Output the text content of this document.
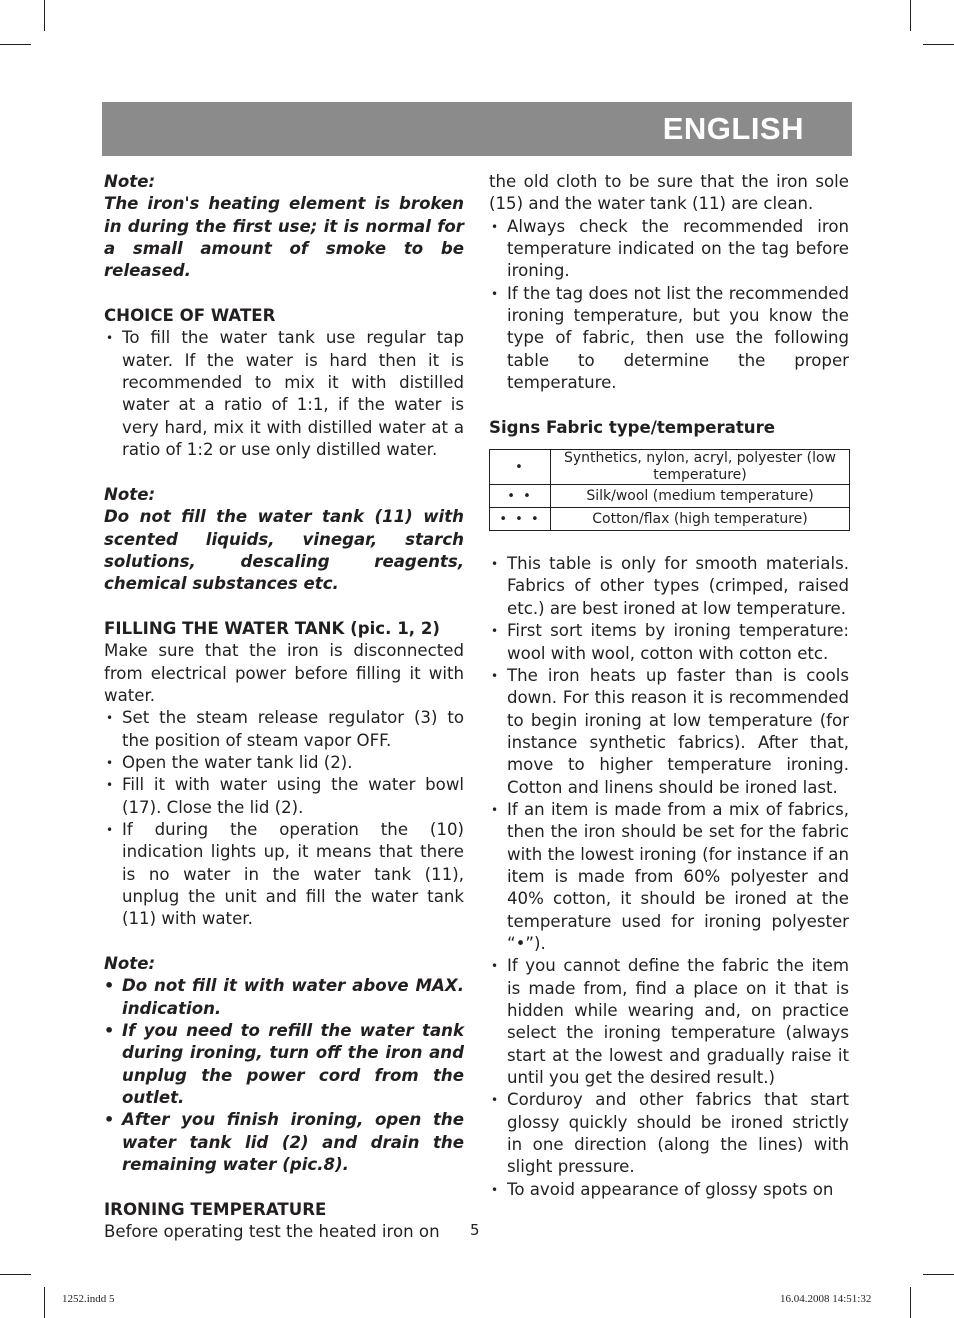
ENGLISH

Note:

The iron's heating element is broken in during the first use; it is normal for a small amount of smoke to be released.

CHOICE OF WATER

• To fill the water tank use regular tap water. If the water is hard then it is recommended to mix it with distilled water at a ratio of 1:1, if the water is very hard, mix it with distilled water at a ratio of 1:2 or use only distilled water.

Note:

Do not fill the water tank (11) with scented liquids, vinegar, starch solutions, descaling reagents, chemical substances etc.

FILLING THE WATER TANK (pic. 1, 2)

Make sure that the iron is disconnected from electrical power before filling it with water.

• Set the steam release regulator (3) to the position of steam vapor OFF.
• Open the water tank lid (2).
• Fill it with water using the water bowl (17). Close the lid (2).
• If during the operation the (10) indication lights up, it means that there is no water in the water tank (11), unplug the unit and fill the water tank (11) with water.

Note:

• Do not fill it with water above MAX. indication.
• If you need to refill the water tank during ironing, turn off the iron and unplug the power cord from the outlet.
• After you finish ironing, open the water tank lid (2) and drain the remaining water (pic.8).

IRONING TEMPERATURE

Before operating test the heated iron on

the old cloth to be sure that the iron sole (15) and the water tank (11) are clean.

• Always check the recommended iron temperature indicated on the tag before ironing.
• If the tag does not list the recommended ironing temperature, but you know the type of fabric, then use the following table to determine the proper temperature.

Signs Fabric type/temperature

•	Synthetics, nylon, acryl, polyester (low temperature)
• •	Silk/wool (medium temperature)
• • •	Cotton/flax (high temperature)
• This table is only for smooth materials. Fabrics of other types (crimped, raised etc.) are best ironed at low temperature.
• First sort items by ironing temperature: wool with wool, cotton with cotton etc.
• The iron heats up faster than is cools down. For this reason it is recommended to begin ironing at low temperature (for instance synthetic fabrics). After that, move to higher temperature ironing. Cotton and linens should be ironed last.
• If an item is made from a mix of fabrics, then the iron should be set for the fabric with the lowest ironing (for instance if an item is made from 60% polyester and 40% cotton, it should be ironed at the temperature used for ironing polyester “•”).
• If you cannot define the fabric the item is made from, find a place on it that is hidden while wearing and, on practice select the ironing temperature (always start at the lowest and gradually raise it until you get the desired result.)
• Corduroy and other fabrics that start glossy quickly should be ironed strictly in one direction (along the lines) with slight pressure.
• To avoid appearance of glossy spots on
5
1252.indd 5	16.04.2008 14:51:32
